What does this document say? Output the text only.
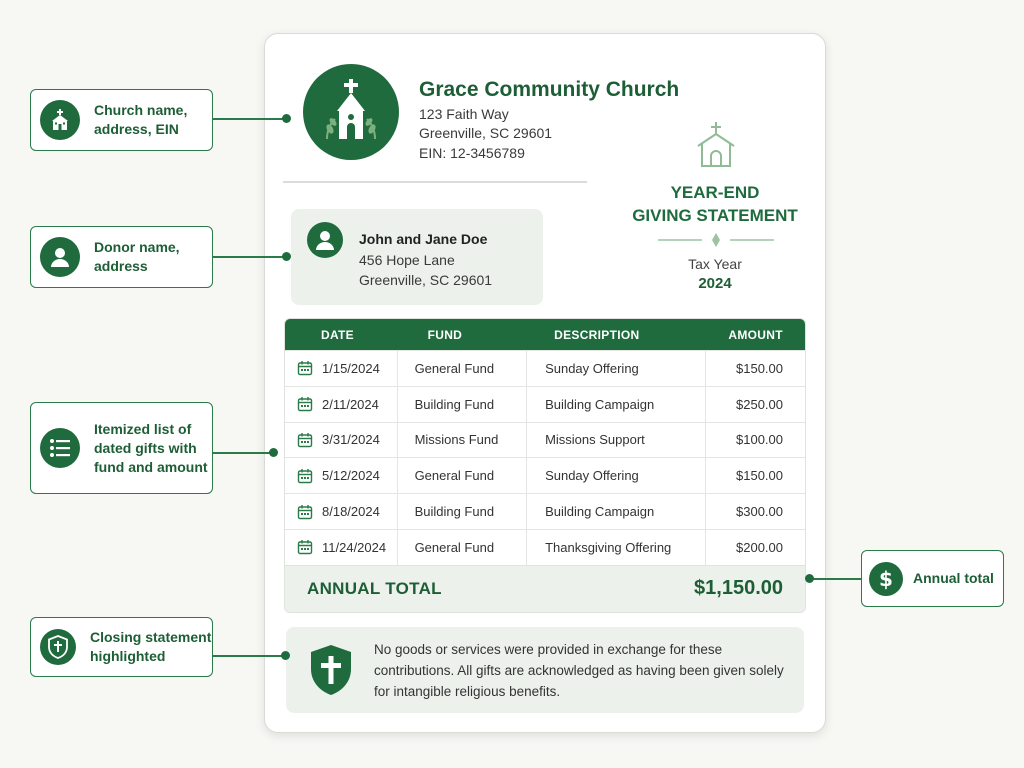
Grace Community Church
123 Faith Way
Greenville, SC 29601
EIN: 12-3456789
YEAR-END
GIVING STATEMENT
Tax Year
2024
John and Jane Doe
456 Hope Lane
Greenville, SC 29601
DATE	FUND	DESCRIPTION	AMOUNT
1/15/2024	General Fund	Sunday Offering	$150.00
2/11/2024	Building Fund	Building Campaign	$250.00
3/31/2024	Missions Fund	Missions Support	$100.00
5/12/2024	General Fund	Sunday Offering	$150.00
8/18/2024	Building Fund	Building Campaign	$300.00
11/24/2024	General Fund	Thanksgiving Offering	$200.00
ANNUAL TOTAL	$1,150.00
No goods or services were provided in exchange for these contributions. All gifts are acknowledged as having been given solely for intangible religious benefits.
Church name,
address, EIN
Donor name,
address
Itemized list of
dated gifts with
fund and amount
Closing statement
highlighted
$ Annual total
